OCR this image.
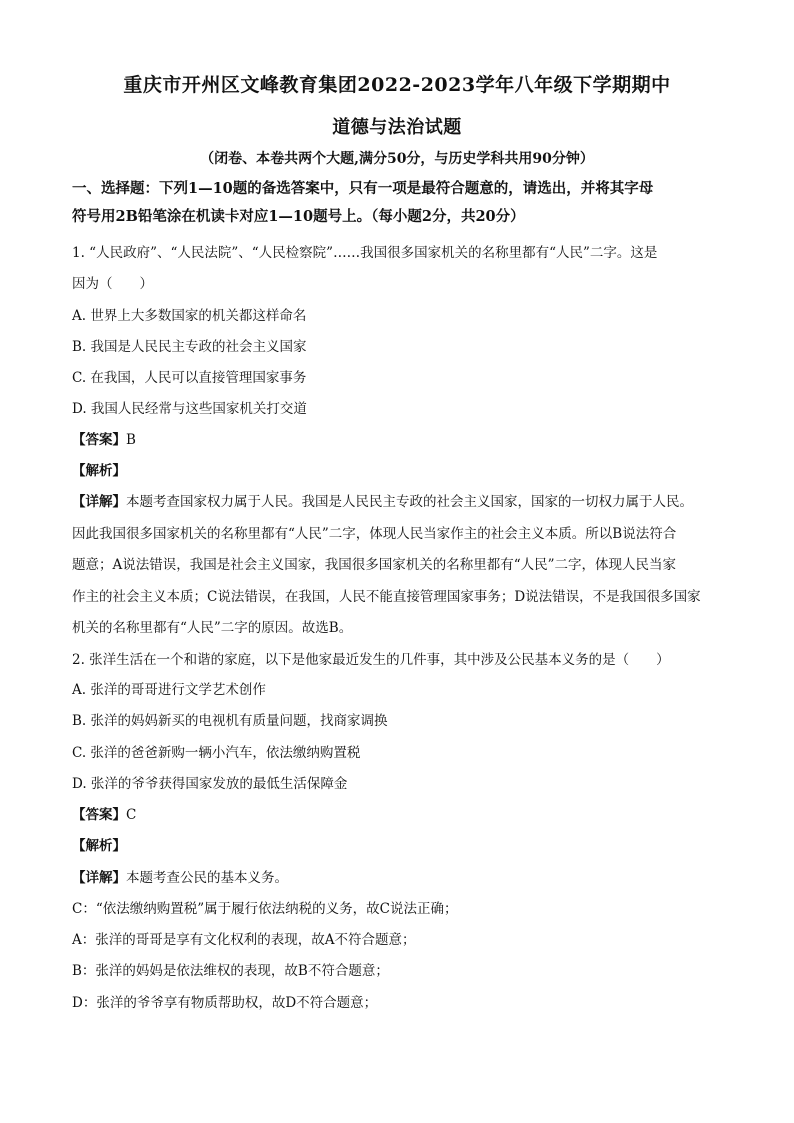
重庆市开州区文峰教育集团2022-2023学年八年级下学期期中
道德与法治试题
（闭卷、本卷共两个大题,满分50分，与历史学科共用90分钟）
一、选择题：下列1—10题的备选答案中，只有一项是最符合题意的，请选出，并将其字母
符号用2B铅笔涂在机读卡对应1—10题号上。（每小题2分，共20分）
1. “人民政府”、“人民法院”、“人民检察院”……我国很多国家机关的名称里都有“人民”二字。这是
因为（　　）
A. 世界上大多数国家的机关都这样命名
B. 我国是人民民主专政的社会主义国家
C. 在我国，人民可以直接管理国家事务
D. 我国人民经常与这些国家机关打交道
【 答案 】 B
【 解析 】
【 详解 】 本题考查国家权力属于人民。我国是人民民主专政的社会主义国家，国家的一切权力属于人民。
因此我国很多国家机关的名称里都有“人民”二字，体现人民当家作主的社会主义本质。所以B说法符合
题意；A说法错误，我国是社会主义国家，我国很多国家机关的名称里都有“人民”二字，体现人民当家
作主的社会主义本质；C说法错误，在我国，人民不能直接管理国家事务；D说法错误，不是我国很多国家
机关的名称里都有“人民”二字的原因。故选B。
2. 张洋生活在一个和谐的家庭，以下是他家最近发生的几件事，其中涉及公民基本义务的是（　　）
A. 张洋的哥哥进行文学艺术创作
B. 张洋的妈妈新买的电视机有质量问题，找商家调换
C. 张洋的爸爸新购一辆小汽车，依法缴纳购置税
D. 张洋的爷爷获得国家发放的最低生活保障金
【 答案 】 C
【 解析 】
【 详解 】 本题考查公民的基本义务。
C：“依法缴纳购置税”属于履行依法纳税的义务，故C说法正确；
A：张洋的哥哥是享有文化权利的表现，故A不符合题意；
B：张洋的妈妈是依法维权的表现，故B不符合题意；
D：张洋的爷爷享有物质帮助权，故D不符合题意；
